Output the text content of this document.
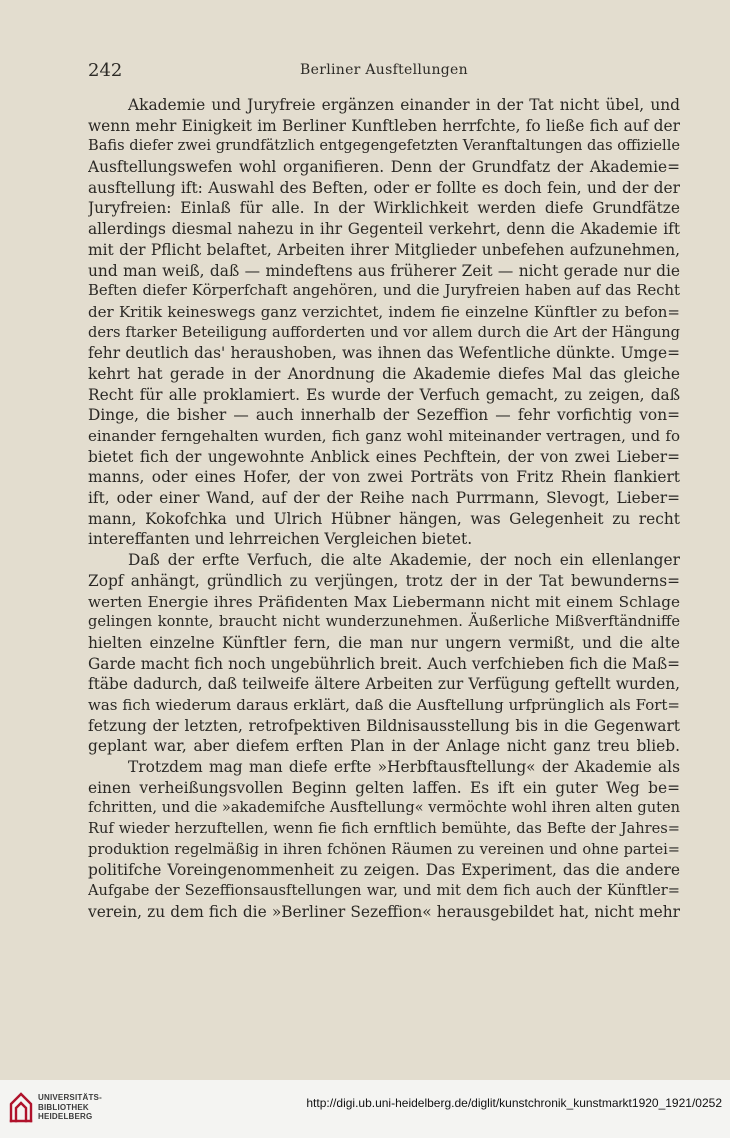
242	Berliner Ausftellungen
Akademie und Juryfreie ergänzen einander in der Tat nicht übel, und
wenn mehr Einigkeit im Berliner Kunftleben herrfchte, fo ließe fich auf der
Bafis diefer zwei grundfätzlich entgegengefetzten Veranftaltungen das offizielle
Ausftellungswefen wohl organifieren. Denn der Grundfatz der Akademie=
ausftellung ift: Auswahl des Beften, oder er follte es doch fein, und der der
Juryfreien: Einlaß für alle. In der Wirklichkeit werden diefe Grundfätze
allerdings diesmal nahezu in ihr Gegenteil verkehrt, denn die Akademie ift
mit der Pflicht belaftet, Arbeiten ihrer Mitglieder unbefehen aufzunehmen,
und man weiß, daß — mindeftens aus früherer Zeit — nicht gerade nur die
Beften diefer Körperfchaft angehören, und die Juryfreien haben auf das Recht
der Kritik keineswegs ganz verzichtet, indem fie einzelne Künftler zu befon=
ders ftarker Beteiligung aufforderten und vor allem durch die Art der Hängung
fehr deutlich das' heraushoben, was ihnen das Wefentliche dünkte. Umge=
kehrt hat gerade in der Anordnung die Akademie diefes Mal das gleiche
Recht für alle proklamiert. Es wurde der Verfuch gemacht, zu zeigen, daß
Dinge, die bisher — auch innerhalb der Sezeffion — fehr vorfichtig von=
einander ferngehalten wurden, fich ganz wohl miteinander vertragen, und fo
bietet fich der ungewohnte Anblick eines Pechftein, der von zwei Lieber=
manns, oder eines Hofer, der von zwei Porträts von Fritz Rhein flankiert
ift, oder einer Wand, auf der der Reihe nach Purrmann, Slevogt, Lieber=
mann, Kokofchka und Ulrich Hübner hängen, was Gelegenheit zu recht
intereffanten und lehrreichen Vergleichen bietet.
Daß der erfte Verfuch, die alte Akademie, der noch ein ellenlanger
Zopf anhängt, gründlich zu verjüngen, trotz der in der Tat bewunderns=
werten Energie ihres Präfidenten Max Liebermann nicht mit einem Schlage
gelingen konnte, braucht nicht wunderzunehmen. Äußerliche Mißverftändniffe
hielten einzelne Künftler fern, die man nur ungern vermißt, und die alte
Garde macht fich noch ungebührlich breit. Auch verfchieben fich die Maß=
ftäbe dadurch, daß teilweife ältere Arbeiten zur Verfügung geftellt wurden,
was fich wiederum daraus erklärt, daß die Ausftellung urfprünglich als Fort=
fetzung der letzten, retrofpektiven Bildnisausstellung bis in die Gegenwart
geplant war, aber diefem erften Plan in der Anlage nicht ganz treu blieb.
Trotzdem mag man diefe erfte »Herbftausftellung« der Akademie als
einen verheißungsvollen Beginn gelten laffen. Es ift ein guter Weg be=
fchritten, und die »akademifche Ausftellung« vermöchte wohl ihren alten guten
Ruf wieder herzuftellen, wenn fie fich ernftlich bemühte, das Befte der Jahres=
produktion regelmäßig in ihren fchönen Räumen zu vereinen und ohne partei=
politifche Voreingenommenheit zu zeigen. Das Experiment, das die andere
Aufgabe der Sezeffionsausftellungen war, und mit dem fich auch der Künftler=
verein, zu dem fich die »Berliner Sezeffion« herausgebildet hat, nicht mehr
UNIVERSITÄTS-
BIBLIOTHEK
HEIDELBERG
http://digi.ub.uni-heidelberg.de/diglit/kunstchronik_kunstmarkt1920_1921/0252
